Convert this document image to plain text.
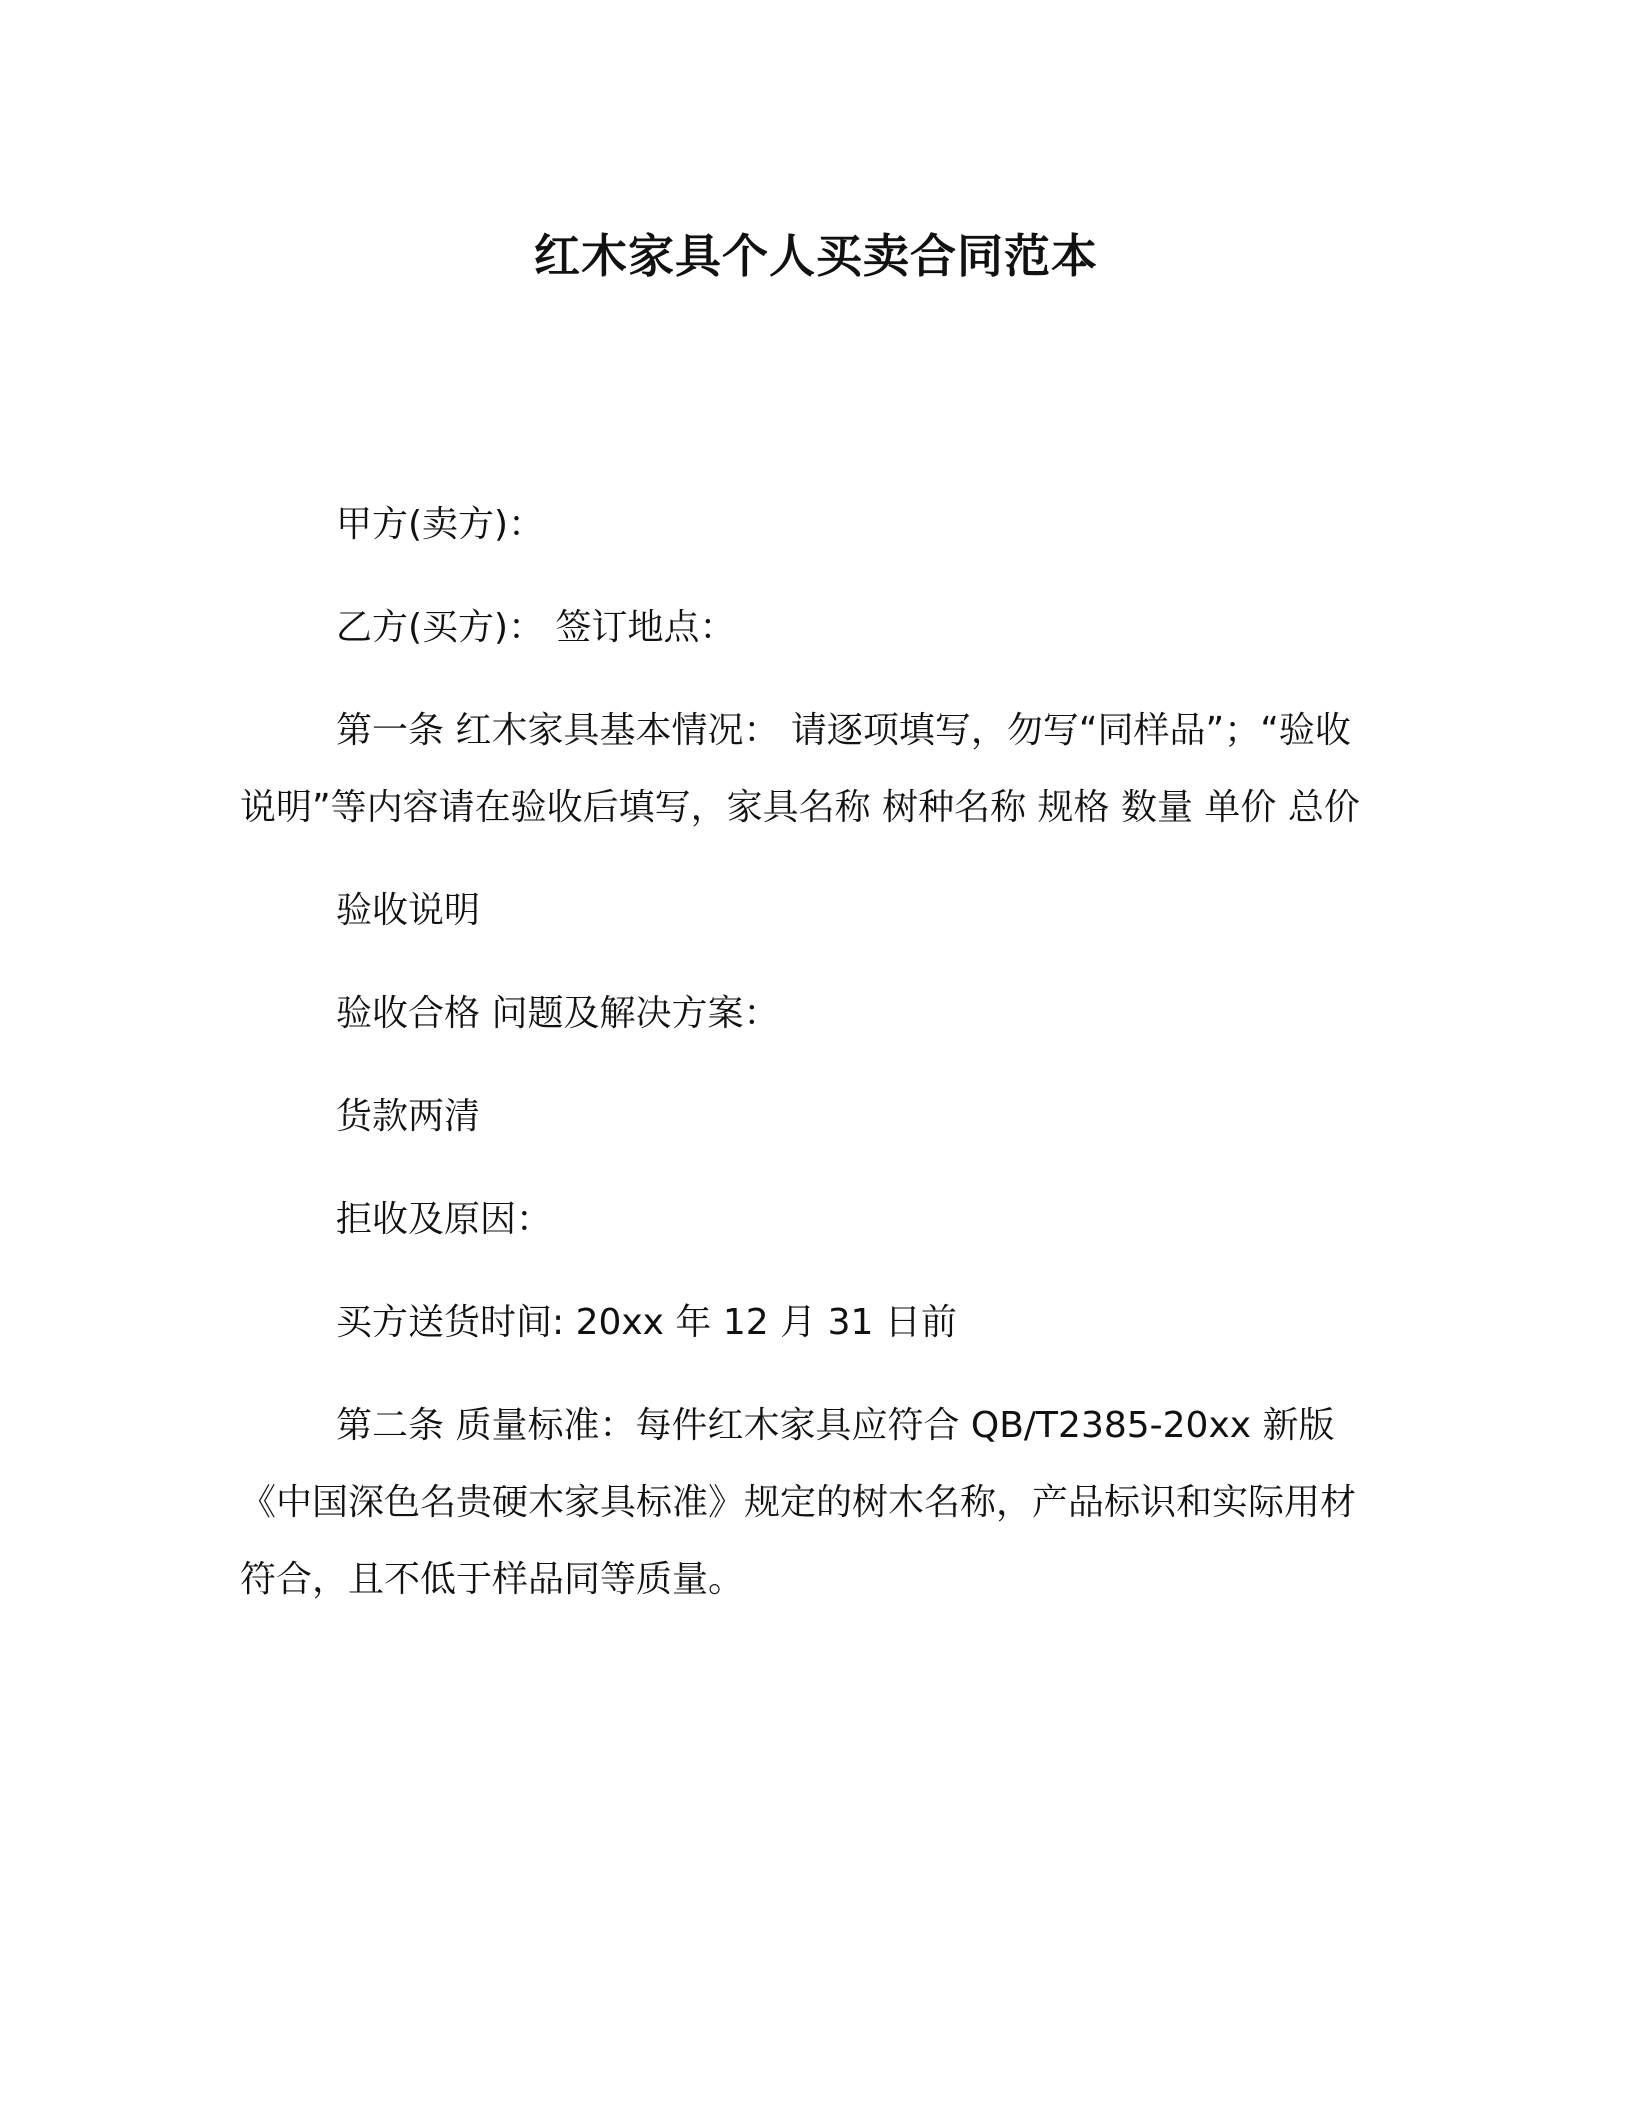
红木家具个人买卖合同范本

甲方(卖方)：

乙方(买方)： 签订地点：

第一条 红木家具基本情况： 请逐项填写，勿写“同样品”；“验收说明”等内容请在验收后填写，家具名称 树种名称 规格 数量 单价 总价

验收说明

验收合格 问题及解决方案：

货款两清

拒收及原因：

买方送货时间: 20xx 年 12 月 31 日前

第二条 质量标准：每件红木家具应符合 QB/T2385-20xx 新版《中国深色名贵硬木家具标准》规定的树木名称，产品标识和实际用材符合，且不低于样品同等质量。
